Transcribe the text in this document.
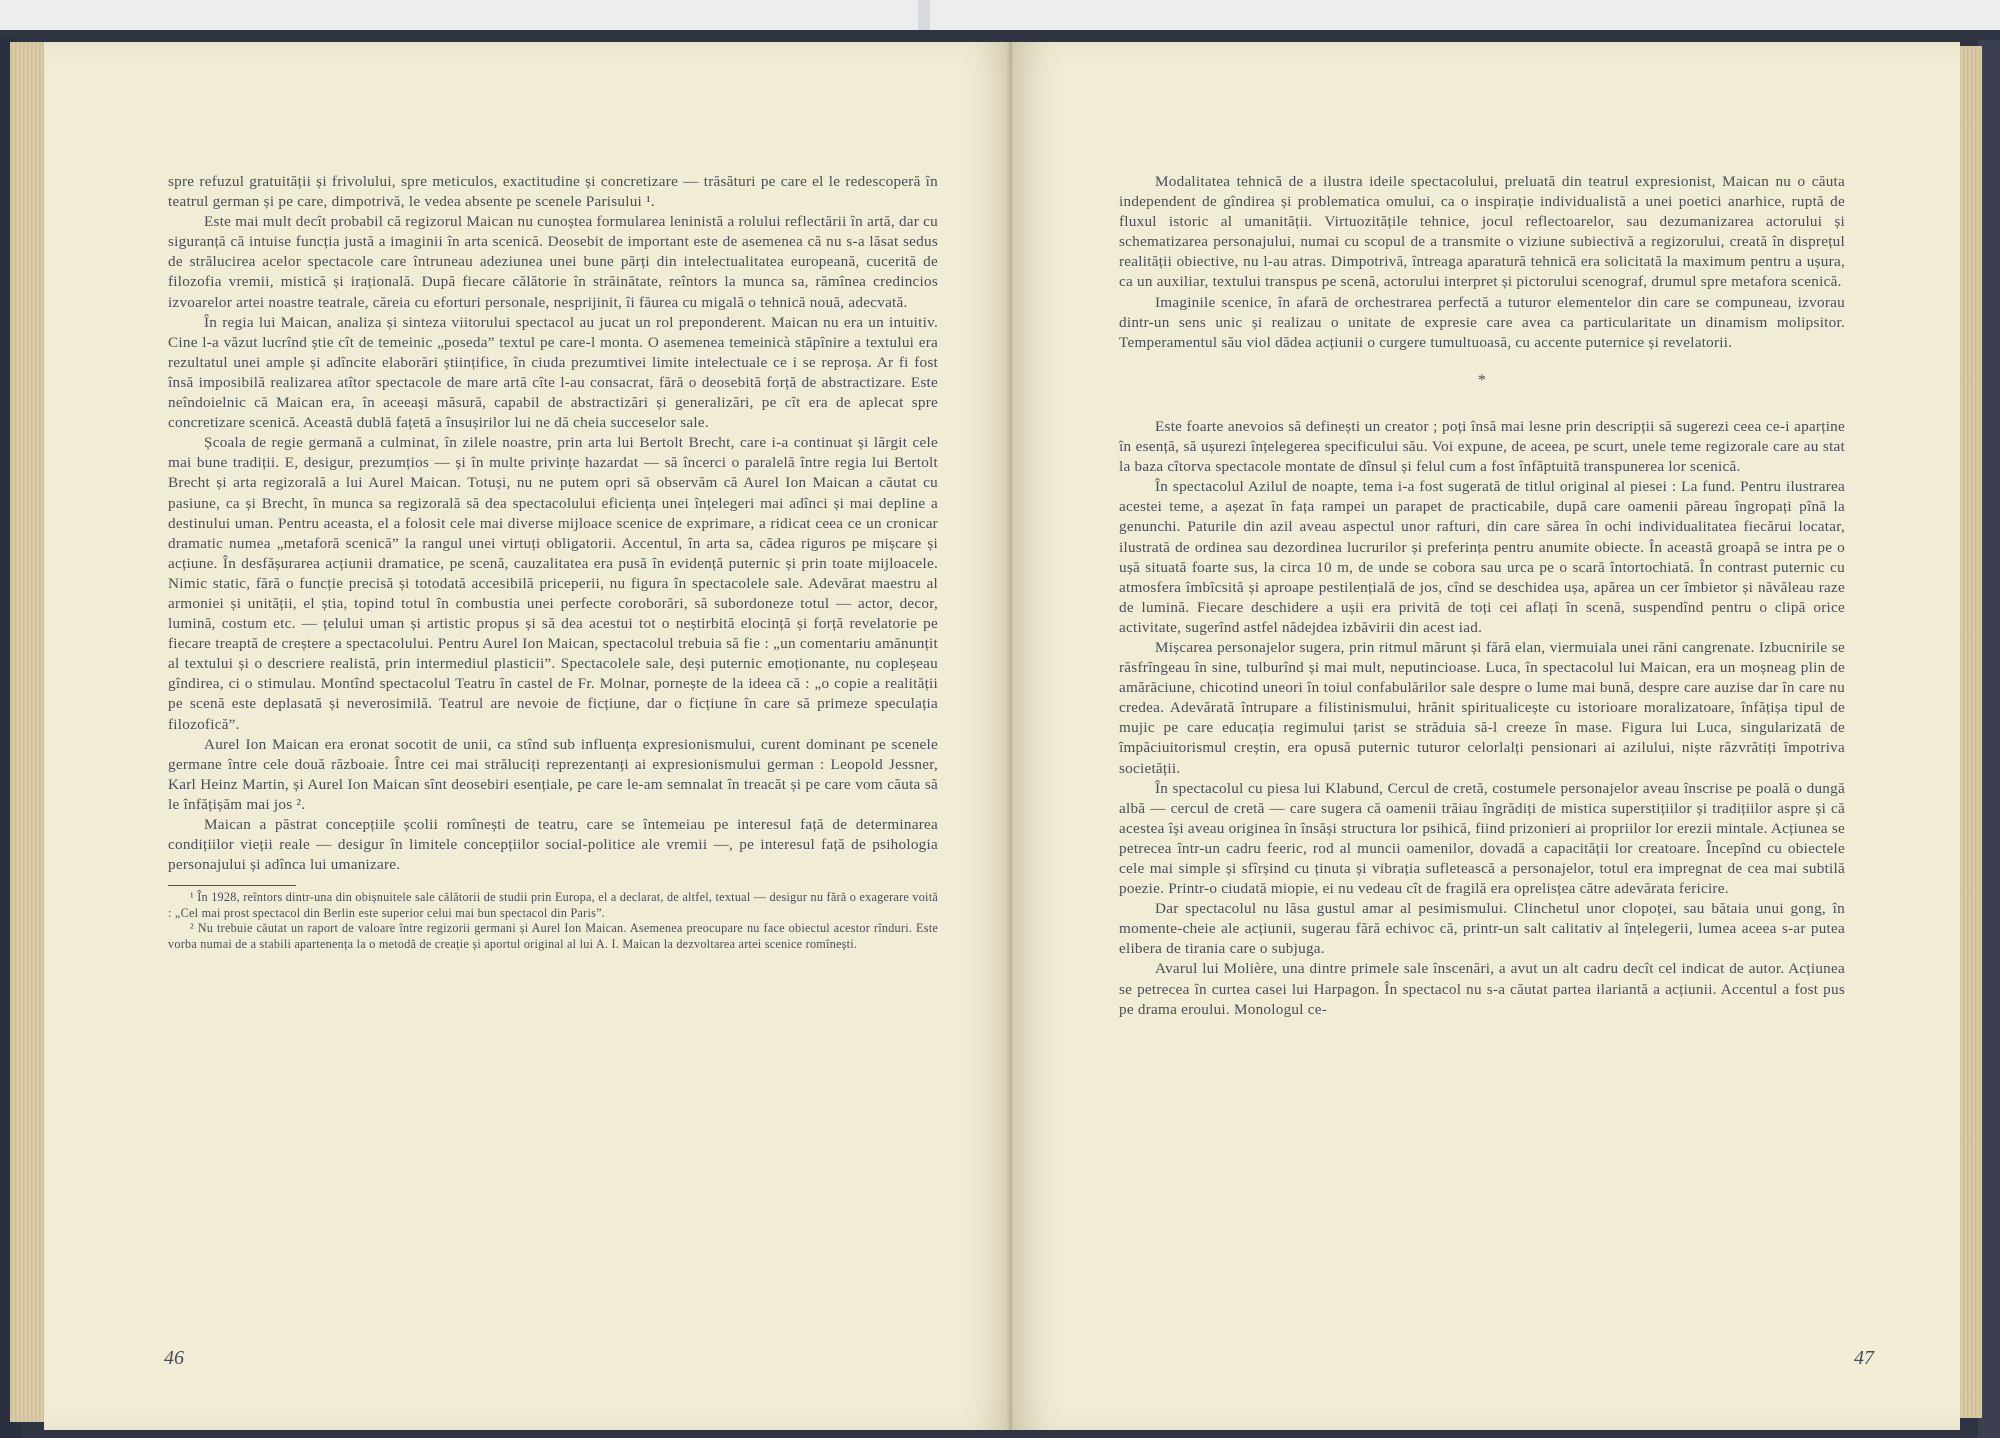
spre refuzul gratuității și frivolului, spre meticulos, exactitudine și concretizare — trăsături pe care el le redescoperă în teatrul german și pe care, dimpotrivă, le vedea absente pe scenele Parisului ¹.

Este mai mult decît probabil că regizorul Maican nu cunoștea formularea leninistă a rolului reflectării în artă, dar cu siguranță că intuise funcția justă a imaginii în arta scenică. Deosebit de important este de asemenea că nu s-a lăsat sedus de strălucirea acelor spectacole care întruneau adeziunea unei bune părți din intelectualitatea europeană, cucerită de filozofia vremii, mistică și irațională. După fiecare călătorie în străinătate, reîntors la munca sa, rămînea credincios izvoarelor artei noastre teatrale, căreia cu eforturi personale, nesprijinit, îi făurea cu migală o tehnică nouă, adecvată.

În regia lui Maican, analiza și sinteza viitorului spectacol au jucat un rol preponderent. Maican nu era un intuitiv. Cine l-a văzut lucrînd știe cît de temeinic „poseda” textul pe care-l monta. O asemenea temeinicà stăpînire a textului era rezultatul unei ample și adîncite elaborări științifice, în ciuda prezumtivei limite intelectuale ce i se reproșa. Ar fi fost însă imposibilă realizarea atîtor spectacole de mare artă cîte l-au consacrat, fără o deosebită forță de abstractizare. Este neîndoielnic că Maican era, în aceeași măsură, capabil de abstractizări și generalizări, pe cît era de aplecat spre concretizare scenică. Această dublă fațetă a însușirilor lui ne dă cheia succeselor sale.

Școala de regie germană a culminat, în zilele noastre, prin arta lui Bertolt Brecht, care i-a continuat și lărgit cele mai bune tradiții. E, desigur, prezumțios — și în multe privințe hazardat — să încerci o paralelă între regia lui Bertolt Brecht și arta regizorală a lui Aurel Maican. Totuși, nu ne putem opri să observăm că Aurel Ion Maican a căutat cu pasiune, ca și Brecht, în munca sa regizorală să dea spectacolului eficiența unei înțelegeri mai adînci și mai depline a destinului uman. Pentru aceasta, el a folosit cele mai diverse mijloace scenice de exprimare, a ridicat ceea ce un cronicar dramatic numea „metaforă scenică” la rangul unei virtuți obligatorii. Accentul, în arta sa, cădea riguros pe mișcare și acțiune. În desfășurarea acțiunii dramatice, pe scenă, cauzalitatea era pusă în evidență puternic și prin toate mijloacele. Nimic static, fără o funcție precisă și totodată accesibilă priceperii, nu figura în spectacolele sale. Adevărat maestru al armoniei și unității, el știa, topind totul în combustia unei perfecte coroborări, să subordoneze totul — actor, decor, lumină, costum etc. — țelului uman și artistic propus și să dea acestui tot o neștirbită elocință și forță revelatorie pe fiecare treaptă de creștere a spectacolului. Pentru Aurel Ion Maican, spectacolul trebuia să fie : „un comentariu amănunțit al textului și o descriere realistă, prin intermediul plasticii”. Spectacolele sale, deși puternic emoționante, nu copleșeau gîndirea, ci o stimulau. Montînd spectacolul Teatru în castel de Fr. Molnar, pornește de la ideea că : „o copie a realității pe scenă este deplasată și neverosimilă. Teatrul are nevoie de ficțiune, dar o ficțiune în care să primeze speculația filozofică”.

Aurel Ion Maican era eronat socotit de unii, ca stînd sub influența expresionismului, curent dominant pe scenele germane între cele două războaie. Între cei mai străluciți reprezentanți ai expresionismului german : Leopold Jessner, Karl Heinz Martin, și Aurel Ion Maican sînt deosebiri esențiale, pe care le-am semnalat în treacăt și pe care vom căuta să le înfățișăm mai jos ².

Maican a păstrat concepțiile școlii romînești de teatru, care se întemeiau pe interesul față de determinarea condițiilor vieții reale — desigur în limitele concepțiilor social-politice ale vremii —, pe interesul față de psihologia personajului și adînca lui umanizare.

¹ În 1928, reîntors dintr-una din obișnuitele sale călătorii de studii prin Europa, el a declarat, de altfel, textual — desigur nu fără o exagerare voită : „Cel mai prost spectacol din Berlin este superior celui mai bun spectacol din Paris”.

² Nu trebuie căutat un raport de valoare între regizorii germani și Aurel Ion Maican. Asemenea preocupare nu face obiectul acestor rînduri. Este vorba numai de a stabili apartenența la o metodă de creație și aportul original al lui A. I. Maican la dezvoltarea artei scenice romînești.

46

Modalitatea tehnică de a ilustra ideile spectacolului, preluată din teatrul expresionist, Maican nu o căuta independent de gîndirea și problematica omului, ca o inspirație individualistă a unei poetici anarhice, ruptă de fluxul istoric al umanității. Virtuozitățile tehnice, jocul reflectoarelor, sau dezumanizarea actorului și schematizarea personajului, numai cu scopul de a transmite o viziune subiectivă a regizorului, creată în disprețul realității obiective, nu l-au atras. Dimpotrivă, întreaga aparatură tehnică era solicitată la maximum pentru a ușura, ca un auxiliar, textului transpus pe scenă, actorului interpret și pictorului scenograf, drumul spre metafora scenică.

Imaginile scenice, în afară de orchestrarea perfectă a tuturor elementelor din care se compuneau, izvorau dintr-un sens unic și realizau o unitate de expresie care avea ca particularitate un dinamism molipsitor. Temperamentul său viol dădea acțiunii o curgere tumultuoasă, cu accente puternice și revelatorii.

*

Este foarte anevoios să definești un creator ; poți însă mai lesne prin descripții să sugerezi ceea ce-i aparține în esență, să ușurezi înțelegerea specificului său. Voi expune, de aceea, pe scurt, unele teme regizorale care au stat la baza cîtorva spectacole montate de dînsul și felul cum a fost înfăptuită transpunerea lor scenică.

În spectacolul Azilul de noapte, tema i-a fost sugerată de titlul original al piesei : La fund. Pentru ilustrarea acestei teme, a așezat în fața rampei un parapet de practicabile, după care oamenii păreau îngropați pînă la genunchi. Paturile din azil aveau aspectul unor rafturi, din care sărea în ochi individualitatea fiecărui locatar, ilustrată de ordinea sau dezordinea lucrurilor și preferința pentru anumite obiecte. În această groapă se intra pe o ușă situată foarte sus, la circa 10 m, de unde se cobora sau urca pe o scară întortochiată. În contrast puternic cu atmosfera îmbîcsită și aproape pestilențială de jos, cînd se deschidea ușa, apărea un cer îmbietor și năvăleau raze de lumină. Fiecare deschidere a ușii era privită de toți cei aflați în scenă, suspendînd pentru o clipă orice activitate, sugerînd astfel nădejdea izbăvirii din acest iad.

Mișcarea personajelor sugera, prin ritmul mărunt și fără elan, viermuiala unei răni cangrenate. Izbucnirile se răsfrîngeau în sine, tulburînd și mai mult, neputincioase. Luca, în spectacolul lui Maican, era un moșneag plin de amărăciune, chicotind uneori în toiul confabulărilor sale despre o lume mai bună, despre care auzise dar în care nu credea. Adevărată întrupare a filistinismului, hrănit spiritualicește cu istorioare moralizatoare, înfățișa tipul de mujic pe care educația regimului țarist se străduia să-l creeze în mase. Figura lui Luca, singularizată de împăciuitorismul creștin, era opusă puternic tuturor celorlalți pensionari ai azilului, niște răzvrătiți împotriva societății.

În spectacolul cu piesa lui Klabund, Cercul de cretă, costumele personajelor aveau înscrise pe poală o dungă albă — cercul de cretă — care sugera că oamenii trăiau îngrădiți de mistica superstițiilor și tradițiilor aspre și că acestea își aveau originea în însăși structura lor psihică, fiind prizonieri ai propriilor lor erezii mintale. Acțiunea se petrecea într-un cadru feeric, rod al muncii oamenilor, dovadă a capacității lor creatoare. Începînd cu obiectele cele mai simple și sfîrșind cu ținuta și vibrația sufletească a personajelor, totul era impregnat de cea mai subtilă poezie. Printr-o ciudată miopie, ei nu vedeau cît de fragilă era oprelisțea către adevărata fericire.

Dar spectacolul nu lăsa gustul amar al pesimismului. Clinchetul unor clopoței, sau bătaia unui gong, în momente-cheie ale acțiunii, sugerau fără echivoc că, printr-un salt calitativ al înțelegerii, lumea aceea s-ar putea elibera de tirania care o subjuga.

Avarul lui Molière, una dintre primele sale înscenări, a avut un alt cadru decît cel indicat de autor. Acțiunea se petrecea în curtea casei lui Harpagon. În spectacol nu s-a căutat partea ilariantă a acțiunii. Accentul a fost pus pe drama eroului. Monologul ce-

47
